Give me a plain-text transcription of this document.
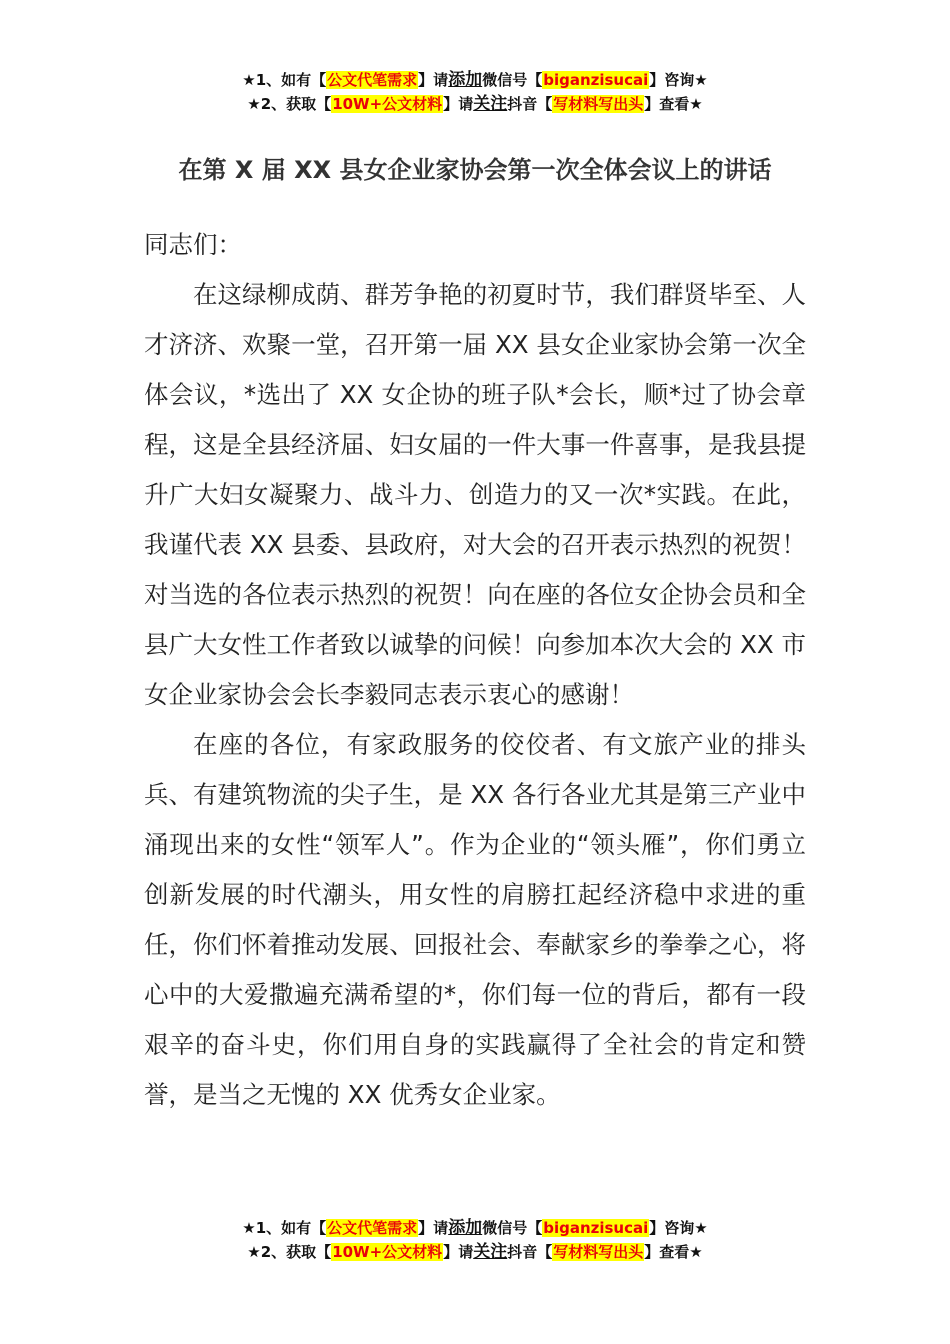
★1、如有【公文代笔需求】请添加微信号【biganzisucai】咨询★
★2、获取【10W+公文材料】请关注抖音【写材料写出头】查看★
在第 X 届 XX 县女企业家协会第一次全体会议上的讲话

同志们：

在这绿柳成荫、群芳争艳的初夏时节，我们群贤毕至、人才济济、欢聚一堂，召开第一届 XX 县女企业家协会第一次全体会议，*选出了 XX 女企协的班子队*会长，顺*过了协会章程，这是全县经济届、妇女届的一件大事一件喜事，是我县提升广大妇女凝聚力、战斗力、创造力的又一次*实践。在此，我谨代表 XX 县委、县政府，对大会的召开表示热烈的祝贺！对当选的各位表示热烈的祝贺！向在座的各位女企协会员和全县广大女性工作者致以诚挚的问候！向参加本次大会的 XX 市女企业家协会会长李毅同志表示衷心的感谢！

在座的各位，有家政服务的佼佼者、有文旅产业的排头兵、有建筑物流的尖子生，是 XX 各行各业尤其是第三产业中涌现出来的女性“领军人”。作为企业的“领头雁”，你们勇立创新发展的时代潮头，用女性的肩膀扛起经济稳中求进的重任，你们怀着推动发展、回报社会、奉献家乡的拳拳之心，将心中的大爱撒遍充满希望的*，你们每一位的背后，都有一段艰辛的奋斗史，你们用自身的实践赢得了全社会的肯定和赞誉，是当之无愧的 XX 优秀女企业家。

★1、如有【公文代笔需求】请添加微信号【biganzisucai】咨询★
★2、获取【10W+公文材料】请关注抖音【写材料写出头】查看★
